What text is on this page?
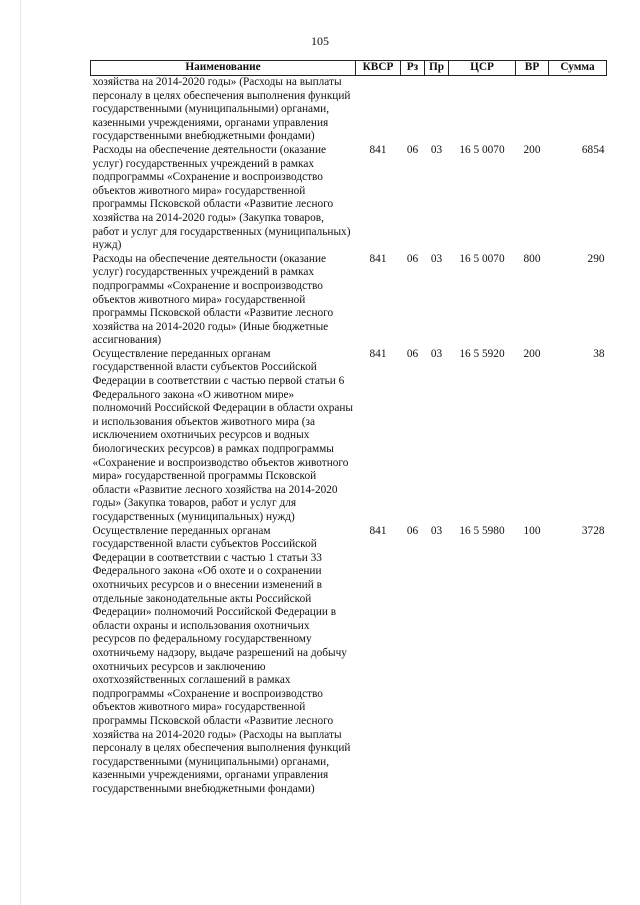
105
Наименование	КВСР	Рз	Пр	ЦСР	ВР	Сумма
хозяйства на 2014-2020 годы» (Расходы на выплаты персоналу в целях обеспечения выполнения функций государственными (муниципальными) органами, казенными учреждениями, органами управления государственными внебюджетными фондами)						
Расходы на обеспечение деятельности (оказание услуг) государственных учреждений в рамках подпрограммы «Сохранение и воспроизводство объектов животного мира» государственной программы Псковской области «Развитие лесного хозяйства на 2014-2020 годы» (Закупка товаров, работ и услуг для государственных (муниципальных) нужд)	841	06	03	16 5 0070	200	6854
Расходы на обеспечение деятельности (оказание услуг) государственных учреждений в рамках подпрограммы «Сохранение и воспроизводство объектов животного мира» государственной программы Псковской области «Развитие лесного хозяйства на 2014-2020 годы» (Иные бюджетные ассигнования)	841	06	03	16 5 0070	800	290
Осуществление переданных органам государственной власти субъектов Российской Федерации в соответствии с частью первой статьи 6 Федерального закона «О животном мире» полномочий Российской Федерации в области охраны и использования объектов животного мира (за исключением охотничьих ресурсов и водных биологических ресурсов) в рамках подпрограммы «Сохранение и воспроизводство объектов животного мира» государственной программы Псковской области «Развитие лесного хозяйства на 2014-2020 годы» (Закупка товаров, работ и услуг для государственных (муниципальных) нужд)	841	06	03	16 5 5920	200	38
Осуществление переданных органам государственной власти субъектов Российской Федерации в соответствии с частью 1 статьи 33 Федерального закона «Об охоте и о сохранении охотничьих ресурсов и о внесении изменений в отдельные законодательные акты Российской Федерации» полномочий Российской Федерации в области охраны и использования охотничьих ресурсов по федеральному государственному охотничьему надзору, выдаче разрешений на добычу охотничьих ресурсов и заключению охотхозяйственных соглашений в рамках подпрограммы «Сохранение и воспроизводство объектов животного мира» государственной программы Псковской области «Развитие лесного хозяйства на 2014-2020 годы» (Расходы на выплаты персоналу в целях обеспечения выполнения функций государственными (муниципальными) органами, казенными учреждениями, органами управления государственными внебюджетными фондами)	841	06	03	16 5 5980	100	3728
